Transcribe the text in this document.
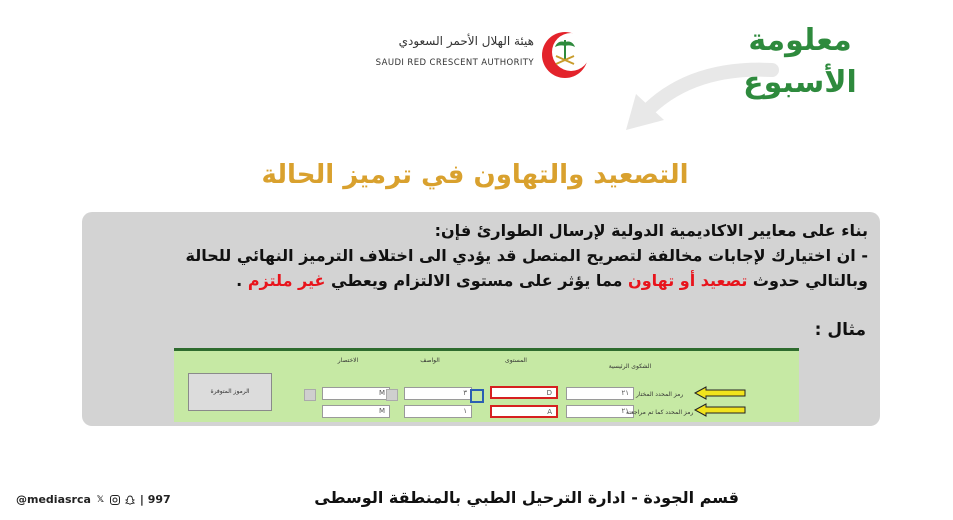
هيئة الهلال الأحمر السعودي
SAUDI RED CRESCENT AUTHORITY
معلومة
الأسبوع
التصعيد والتهاون في ترميز الحالة
بناء على معايير الاكاديمية الدولية لإرسال الطوارئ فإن:
- ان اختيارك لإجابات مخالفة لتصريح المتصل قد يؤدي الى اختلاف الترميز النهائي للحالة
وبالتالي حدوث تصعيد أو تهاون مما يؤثر على مستوى الالتزام ويعطي غير ملتزم .
مثال :
الشكوى الرئيسية
المستوى
الواصف
الاختصار
الرموز المتوفرة	M
M
٣
١
D
A
٢١
٢١
رمز المحدد المختار
رمز المحدد كما تم مراجعته
قسم الجودة - ادارة الترحيل الطبي بالمنطقة الوسطى
@mediasrca 𝕏	| 997
